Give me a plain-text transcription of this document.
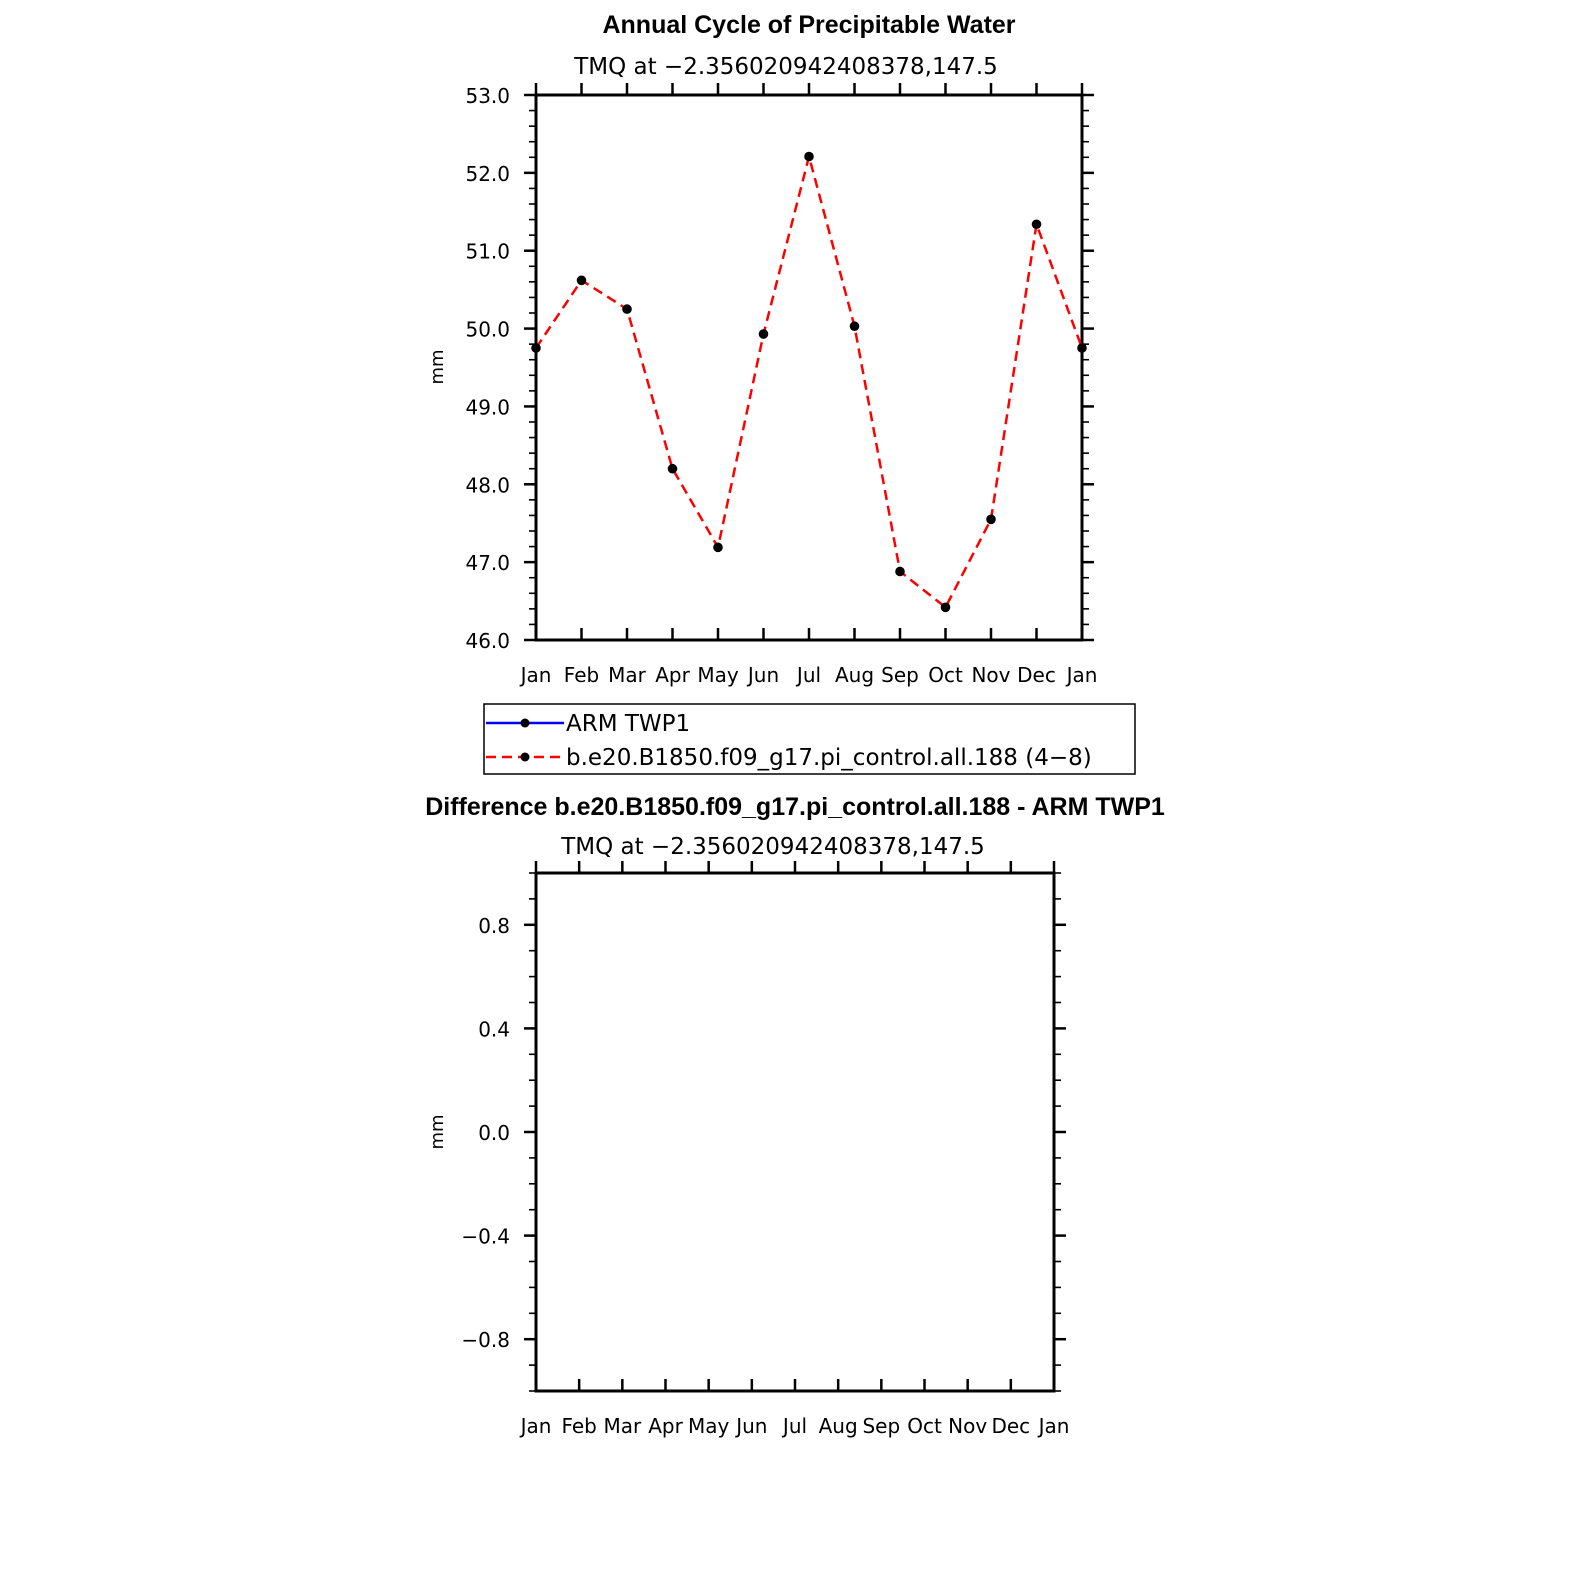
Annual Cycle of Precipitable Water
TMQ at −2.356020942408378,147.5
mm
46.0
47.0
48.0
49.0
50.0
51.0
52.0
53.0
Jan Feb Mar Apr May Jun Jul Aug Sep Oct Nov Dec Jan
ARM TWP1
b.e20.B1850.f09_g17.pi_control.all.188 (4−8)
Difference b.e20.B1850.f09_g17.pi_control.all.188 - ARM TWP1
TMQ at −2.356020942408378,147.5
mm
−0.8
−0.4
0.0
0.4
0.8
Jan Feb Mar Apr May Jun Jul Aug Sep Oct Nov Dec Jan
